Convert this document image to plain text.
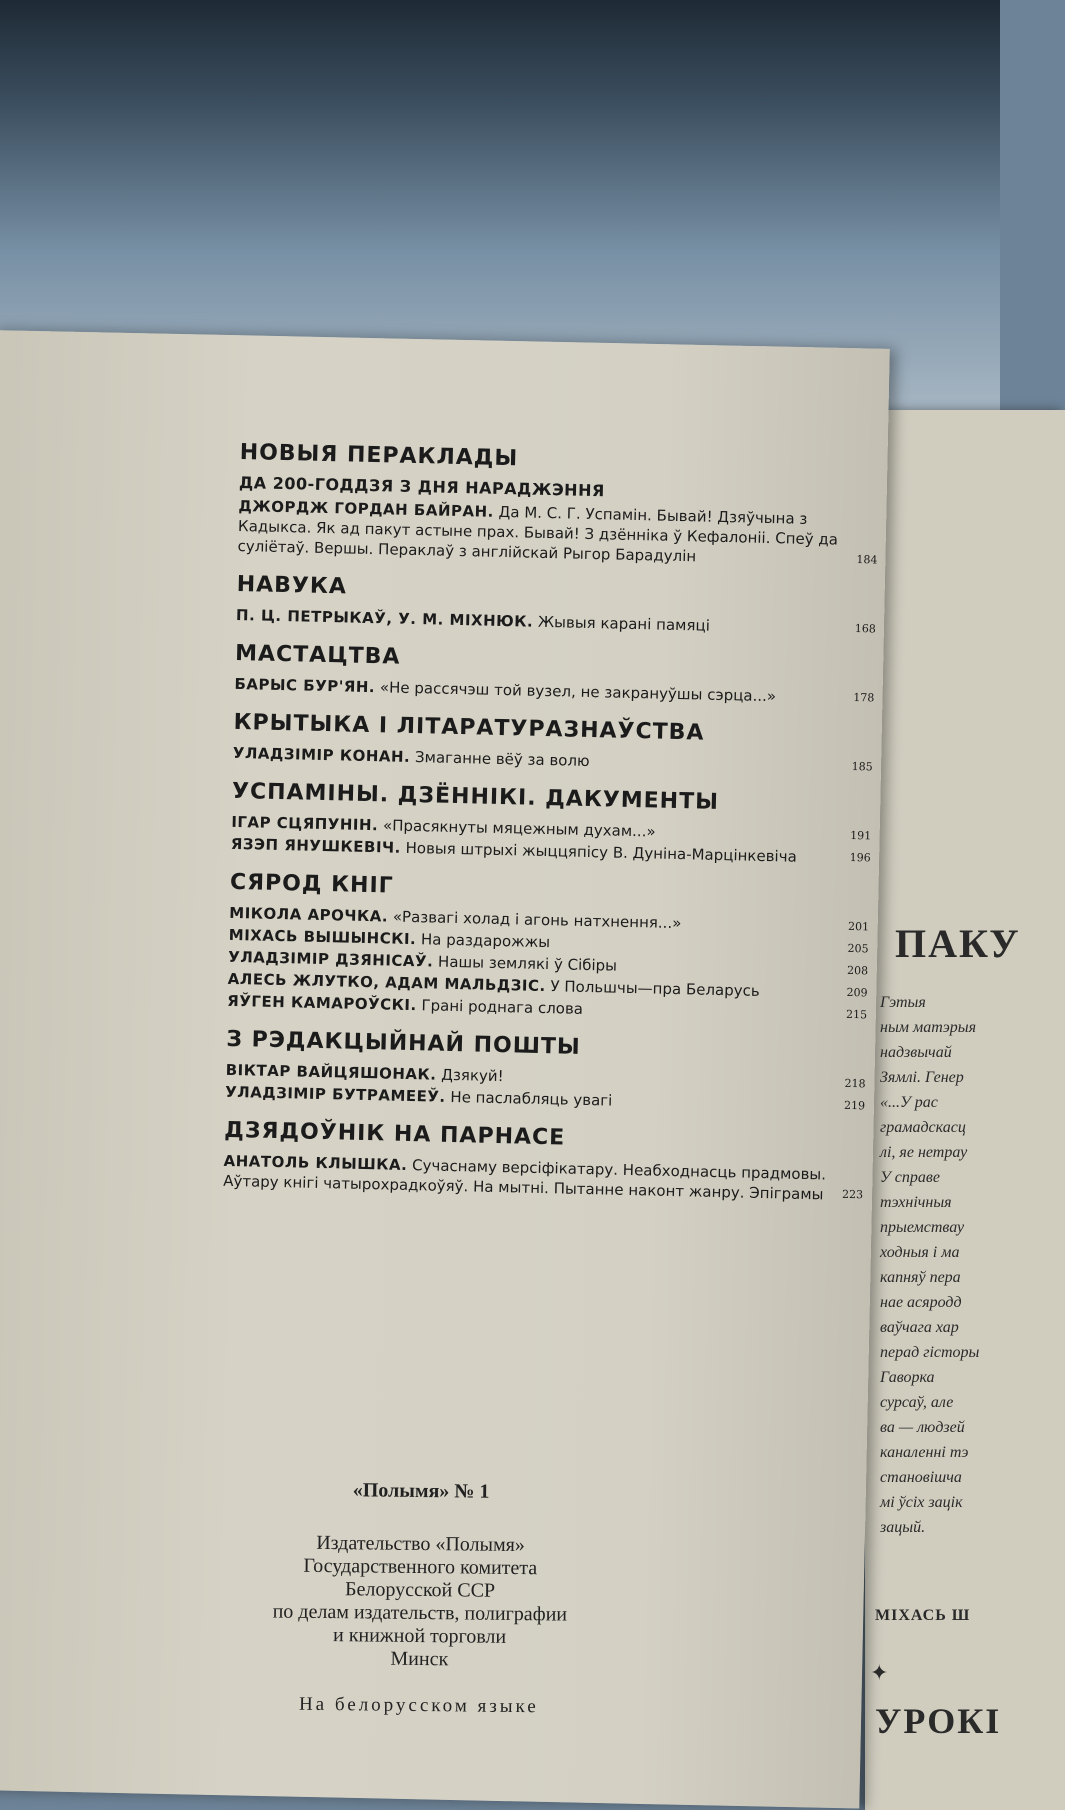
НОВЫЯ ПЕРАКЛАДЫ
ДА 200-ГОДДЗЯ З ДНЯ НАРАДЖЭННЯ
ДЖОРДЖ ГОРДАН БАЙРАН. Да М. С. Г. Успамін. Бывай! Дзяўчына з Кадыкса. Як ад пакут астыне прах. Бывай! З дзённіка ў Кефалоніі. Спеў да суліётаў. Вершы. Пераклаў з англійскай Рыгор Барадулін	184
НАВУКА
П. Ц. ПЕТРЫКАЎ, У. М. МІХНЮК. Жывыя карані памяці	168
МАСТАЦТВА
БАРЫС БУР'ЯН. «Не рассячэш той вузел, не закрануўшы сэрца...»	178
КРЫТЫКА І ЛІТАРАТУРАЗНАЎСТВА
УЛАДЗІМІР КОНАН. Змаганне вёў за волю	185
УСПАМІНЫ. ДЗЁННІКІ. ДАКУМЕНТЫ
ІГАР СЦЯПУНІН. «Прасякнуты мяцежным духам...»	191
ЯЗЭП ЯНУШКЕВІЧ. Новыя штрыхі жыццяпісу В. Дуніна-Марцінкевіча	196
СЯРОД КНІГ
МІКОЛА АРОЧКА. «Развагі холад і агонь натхнення...»	201
МІХАСЬ ВЫШЫНСКІ. На раздарожжы	205
УЛАДЗІМІР ДЗЯНІСАЎ. Нашы землякі ў Сібіры	208
АЛЕСЬ ЖЛУТКО, АДАМ МАЛЬДЗІС. У Польшчы—пра Беларусь	209
ЯЎГЕН КАМАРОЎСКІ. Грані роднага слова	215
З РЭДАКЦЫЙНАЙ ПОШТЫ
ВІКТАР ВАЙЦЯШОНАК. Дзякуй!	218
УЛАДЗІМІР БУТРАМЕЕЎ. Не паслабляць увагі	219
ДЗЯДОЎНІК НА ПАРНАСЕ
АНАТОЛЬ КЛЫШКА. Сучаснаму версіфікатару. Неабходнасць прадмовы. Аўтару кнігі чатырохрадкоўяў. На мытні. Пытанне наконт жанру. Эпіграмы	223
«Полымя» № 1
Издательство «Полымя»
Государственного комитета
Белорусской ССР
по делам издательств, полиграфии
и книжной торговли
Минск
На белорусском языке
ПАКУ
Гэтыя
ным матэрыя
надзвычай
Зямлі. Генер
«...У рас
грамадскасц
лі, яе нетрау
У справе
тэхнічныя
прыемствау
ходныя і ма
капняў пера
нае асяродд
ваўчага хар
перад гісторы
Гаворка
сурсаў, але
ва — людзей
каналенні тэ
становішча
мі ўсіх зацік
зацый.
МІХАСЬ Ш
✦
УРОКІ
